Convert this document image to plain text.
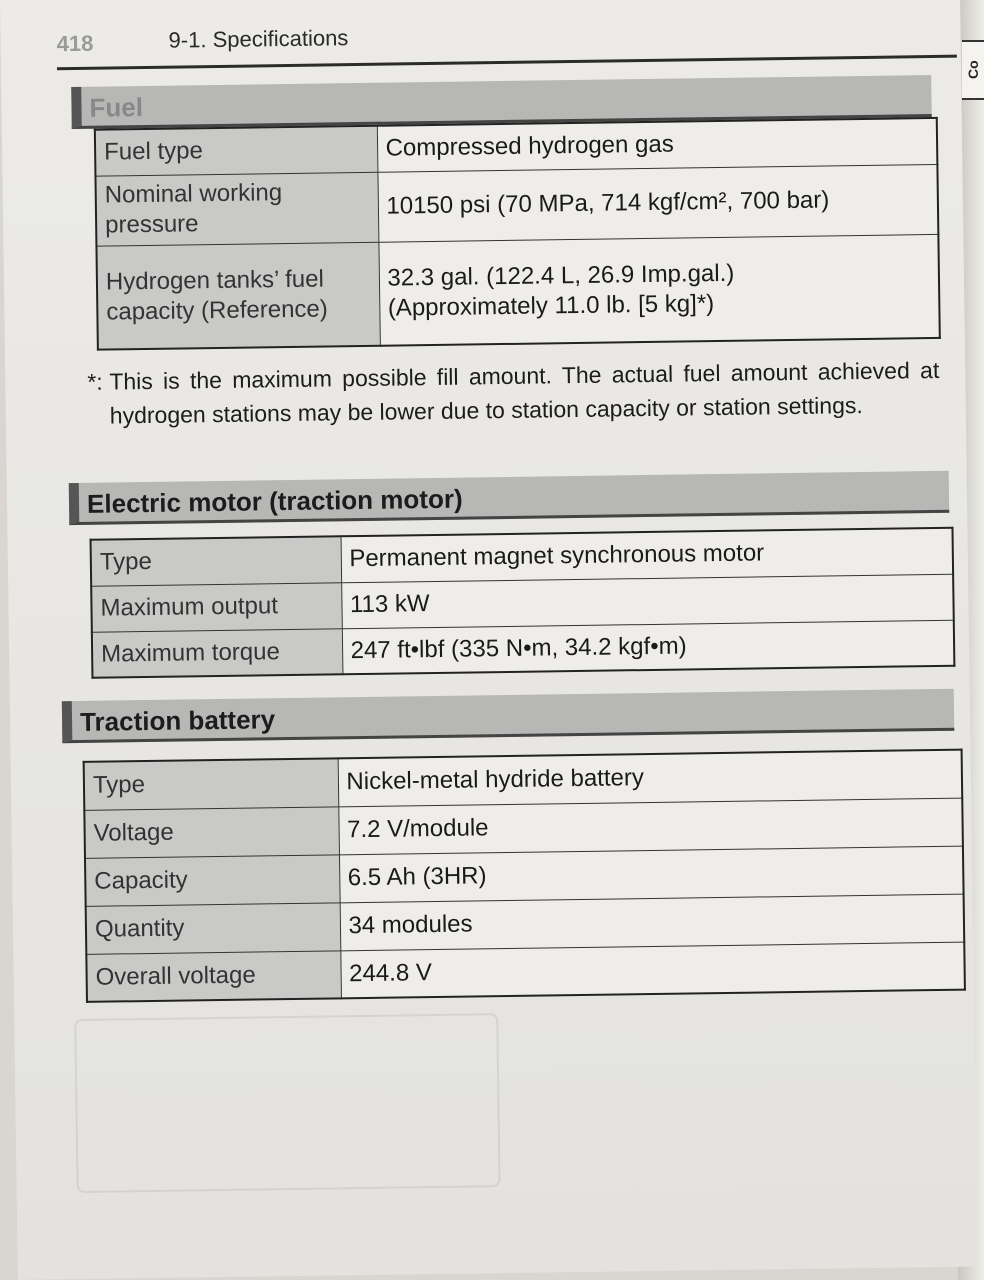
Co
418	9-1. Specifications
Fuel
Fuel type	Compressed hydrogen gas
Nominal working pressure	10150 psi (70 MPa, 714 kgf/cm², 700 bar)
Hydrogen tanks’ fuel capacity (Reference)	32.3 gal. (122.4 L, 26.9 Imp.gal.)
(Approximately 11.0 lb. [5 kg]*)
*: This is the maximum possible fill amount. The actual fuel amount achieved at hydrogen stations may be lower due to station capacity or station settings.
Electric motor (traction motor)
Type	Permanent magnet synchronous motor
Maximum output	113 kW
Maximum torque	247 ft•lbf (335 N•m, 34.2 kgf•m)
Traction battery
Type	Nickel-metal hydride battery
Voltage	7.2 V/module
Capacity	6.5 Ah (3HR)
Quantity	34 modules
Overall voltage	244.8 V
